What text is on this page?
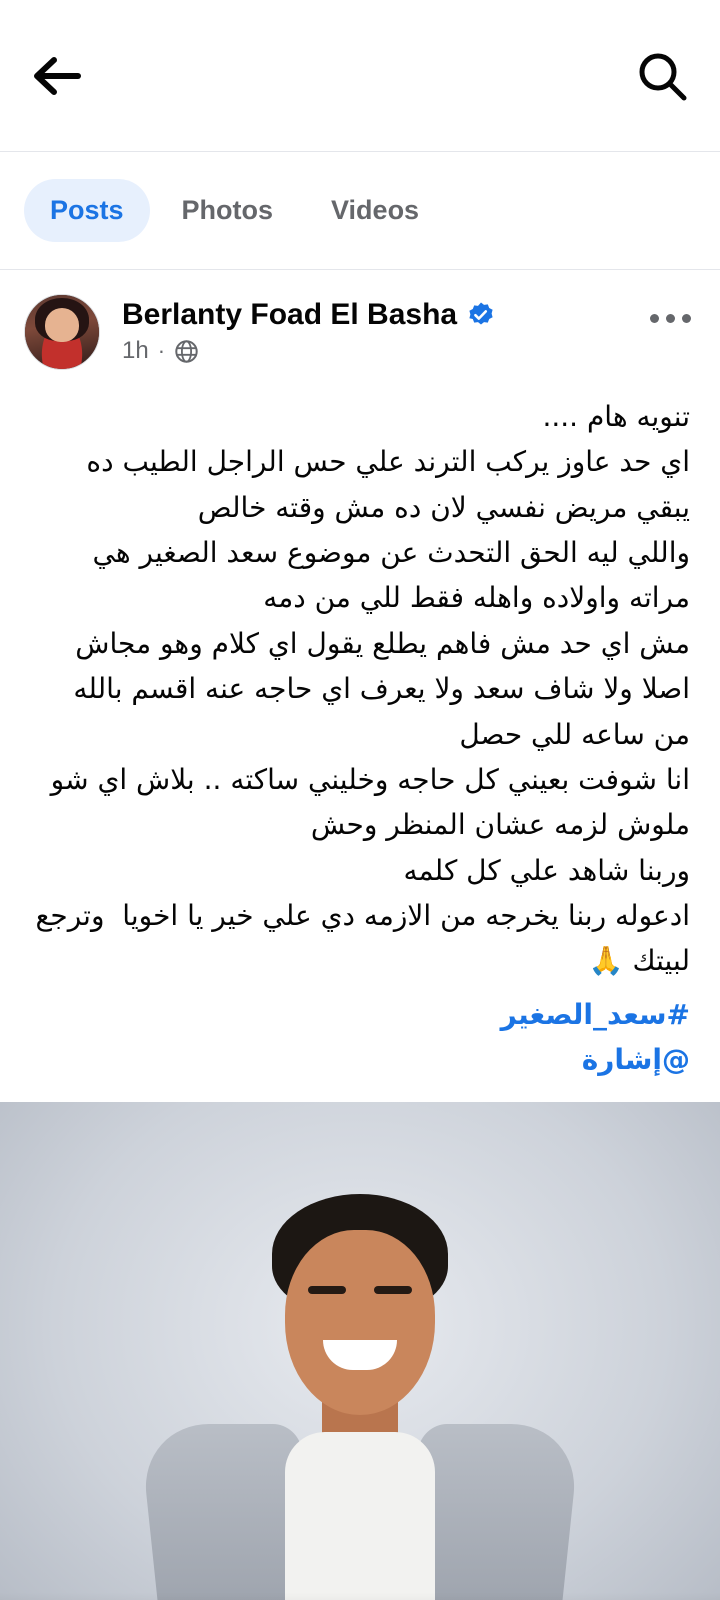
Posts	Photos	Videos
Berlanty Foad El Basha
1h ·
تنويه هام ....
اي حد عاوز يركب الترند علي حس الراجل الطيب ده يبقي مريض نفسي لان ده مش وقته خالص
واللي ليه الحق التحدث عن موضوع سعد الصغير هي مراته واولاده واهله فقط للي من دمه
مش اي حد مش فاهم يطلع يقول اي كلام وهو مجاش اصلا ولا شاف سعد ولا يعرف اي حاجه عنه اقسم بالله من ساعه للي حصل
انا شوفت بعيني كل حاجه وخليني ساكته .. بلاش اي شو ملوش لزمه عشان المنظر وحش
وربنا شاهد علي كل كلمه
ادعوله ربنا يخرجه من الازمه دي علي خير يا اخويا  وترجع لبيتك 🙏
#سعد_الصغير
@إشارة
